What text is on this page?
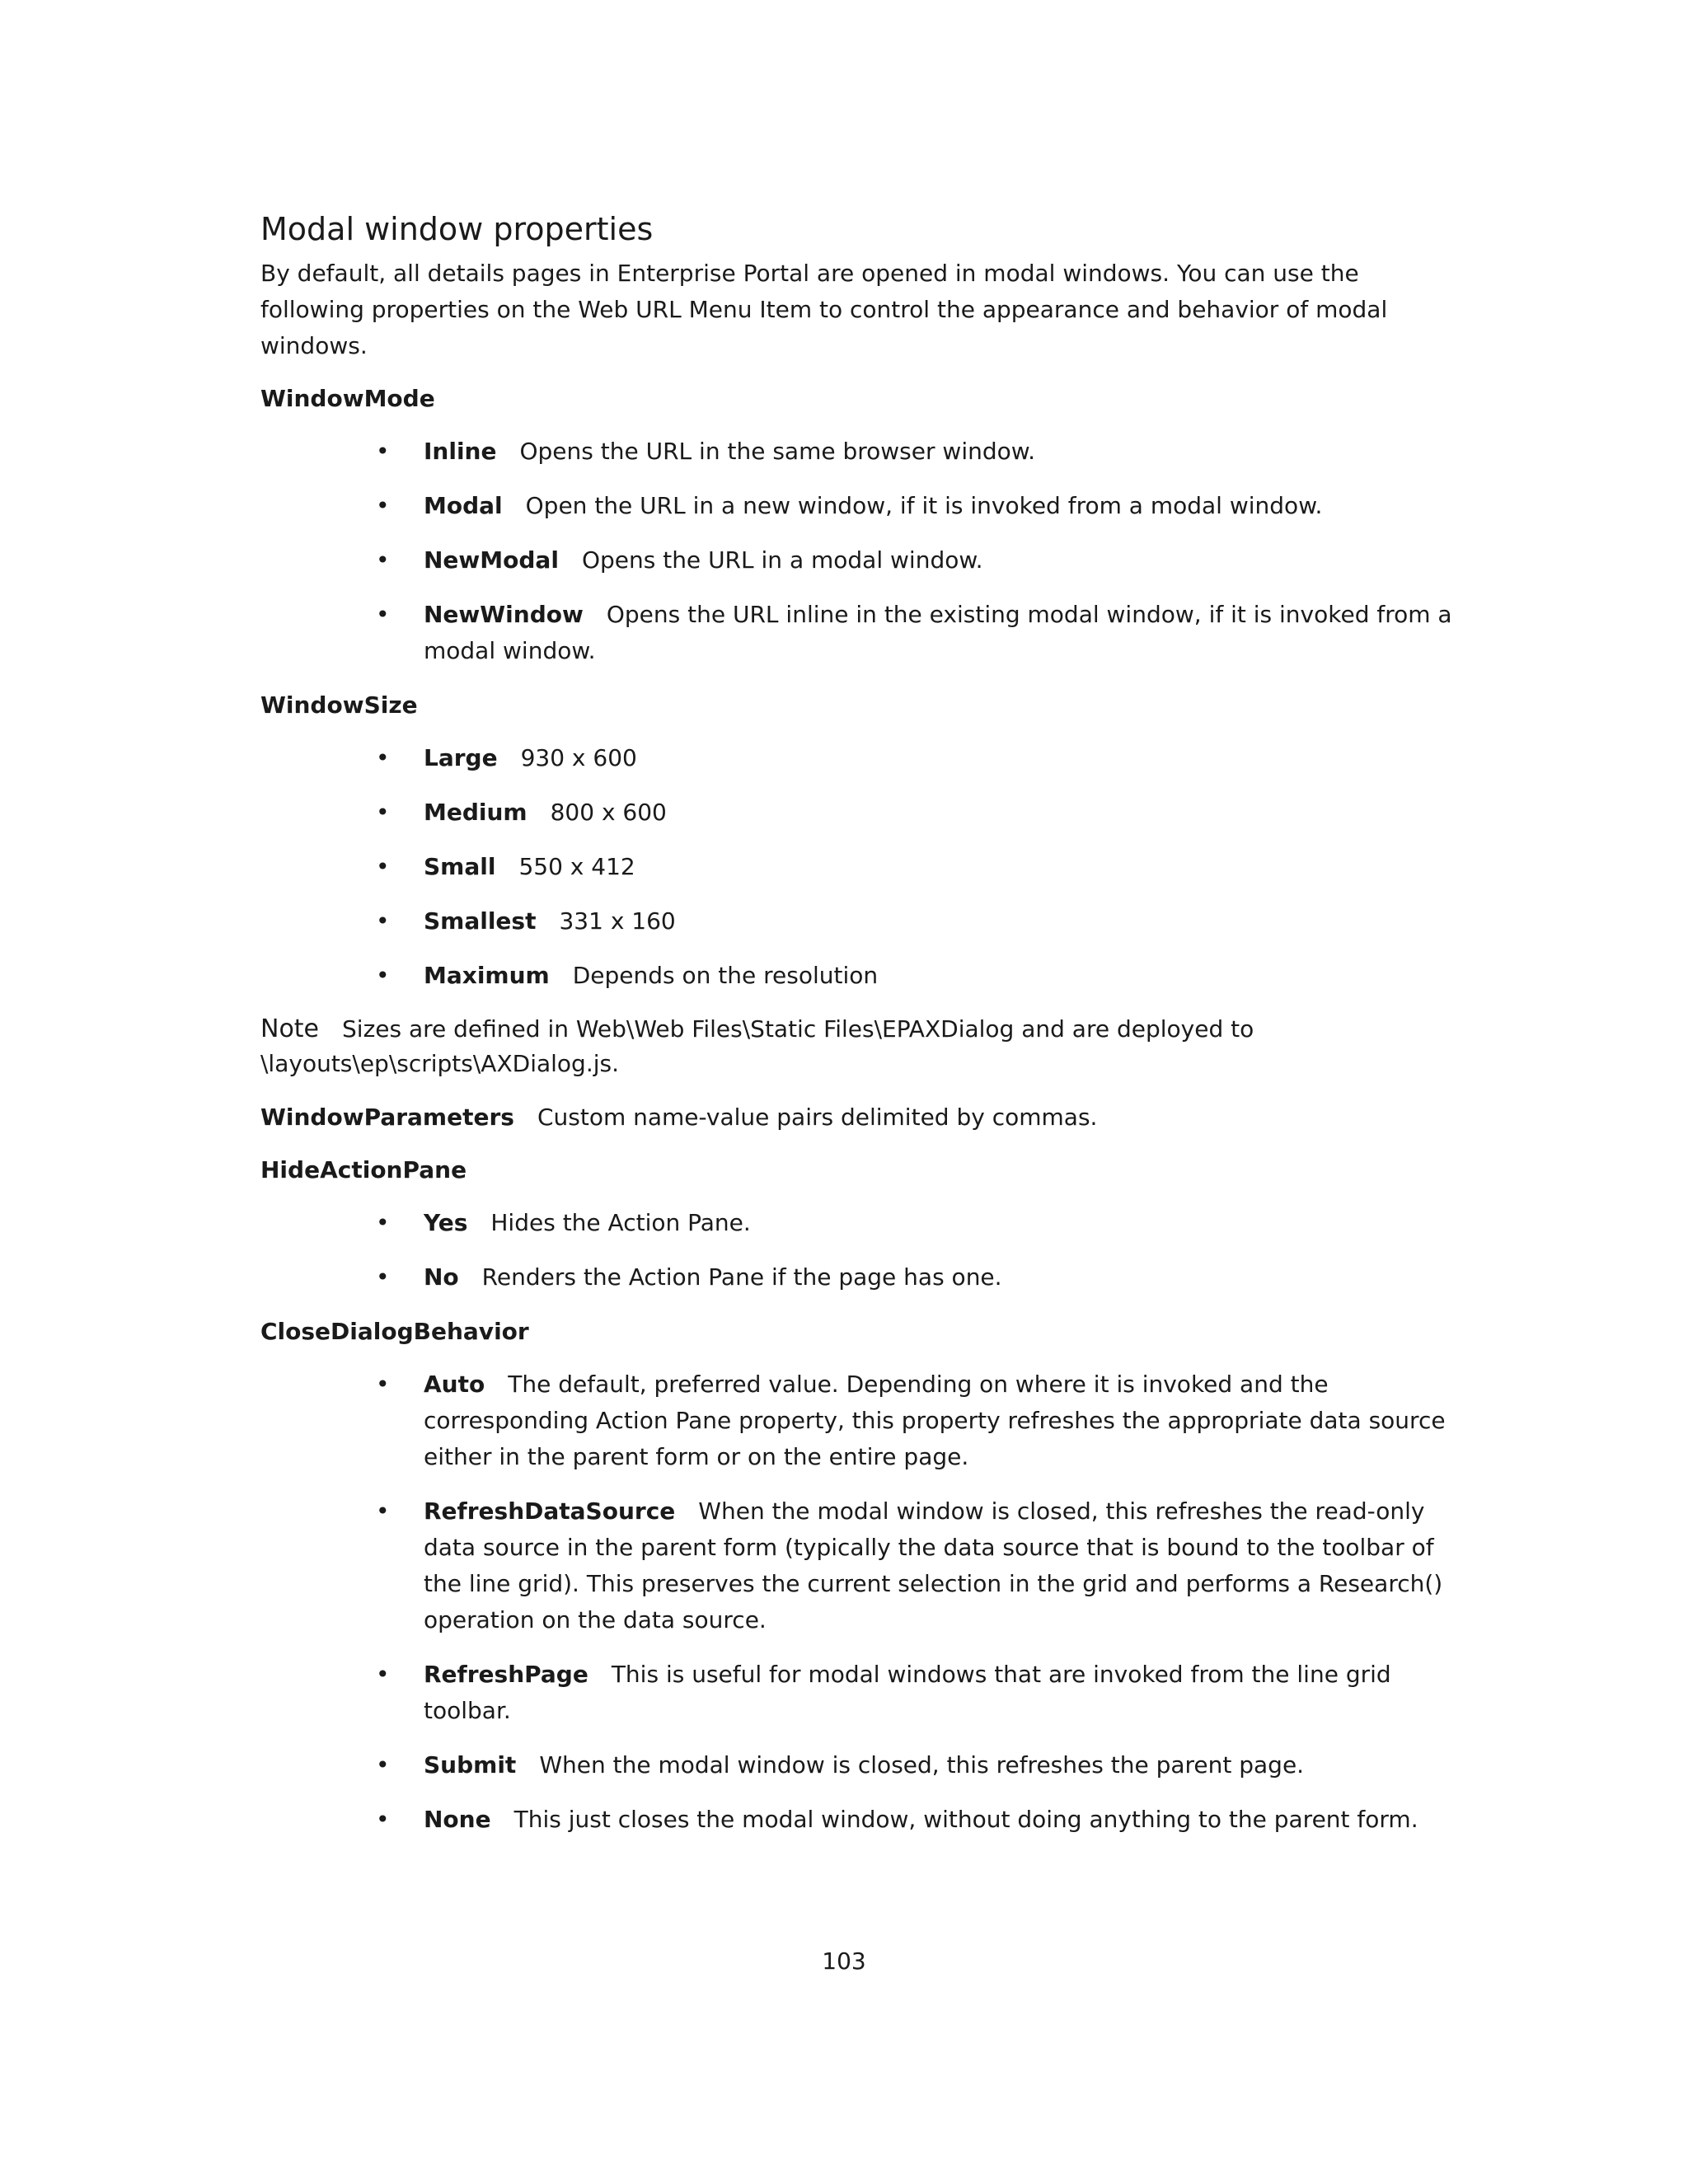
Modal window properties

By default, all details pages in Enterprise Portal are opened in modal windows. You can use the following properties on the Web URL Menu Item to control the appearance and behavior of modal windows.

WindowMode
• Inline Opens the URL in the same browser window.
• Modal Open the URL in a new window, if it is invoked from a modal window.
• NewModal Opens the URL in a modal window.
• NewWindow Opens the URL inline in the existing modal window, if it is invoked from a modal window.
WindowSize
• Large 930 x 600
• Medium 800 x 600
• Small 550 x 412
• Smallest 331 x 160
• Maximum Depends on the resolution

Note Sizes are defined in Web\Web Files\Static Files\EPAXDialog and are deployed to \layouts\ep\scripts\AXDialog.js.

WindowParameters Custom name-value pairs delimited by commas.

HideActionPane
• Yes Hides the Action Pane.
• No Renders the Action Pane if the page has one.
CloseDialogBehavior
• Auto The default, preferred value. Depending on where it is invoked and the corresponding Action Pane property, this property refreshes the appropriate data source either in the parent form or on the entire page.
• RefreshDataSource When the modal window is closed, this refreshes the read-only data source in the parent form (typically the data source that is bound to the toolbar of the line grid). This preserves the current selection in the grid and performs a Research() operation on the data source.
• RefreshPage This is useful for modal windows that are invoked from the line grid toolbar.
• Submit When the modal window is closed, this refreshes the parent page.
• None This just closes the modal window, without doing anything to the parent form.
103
